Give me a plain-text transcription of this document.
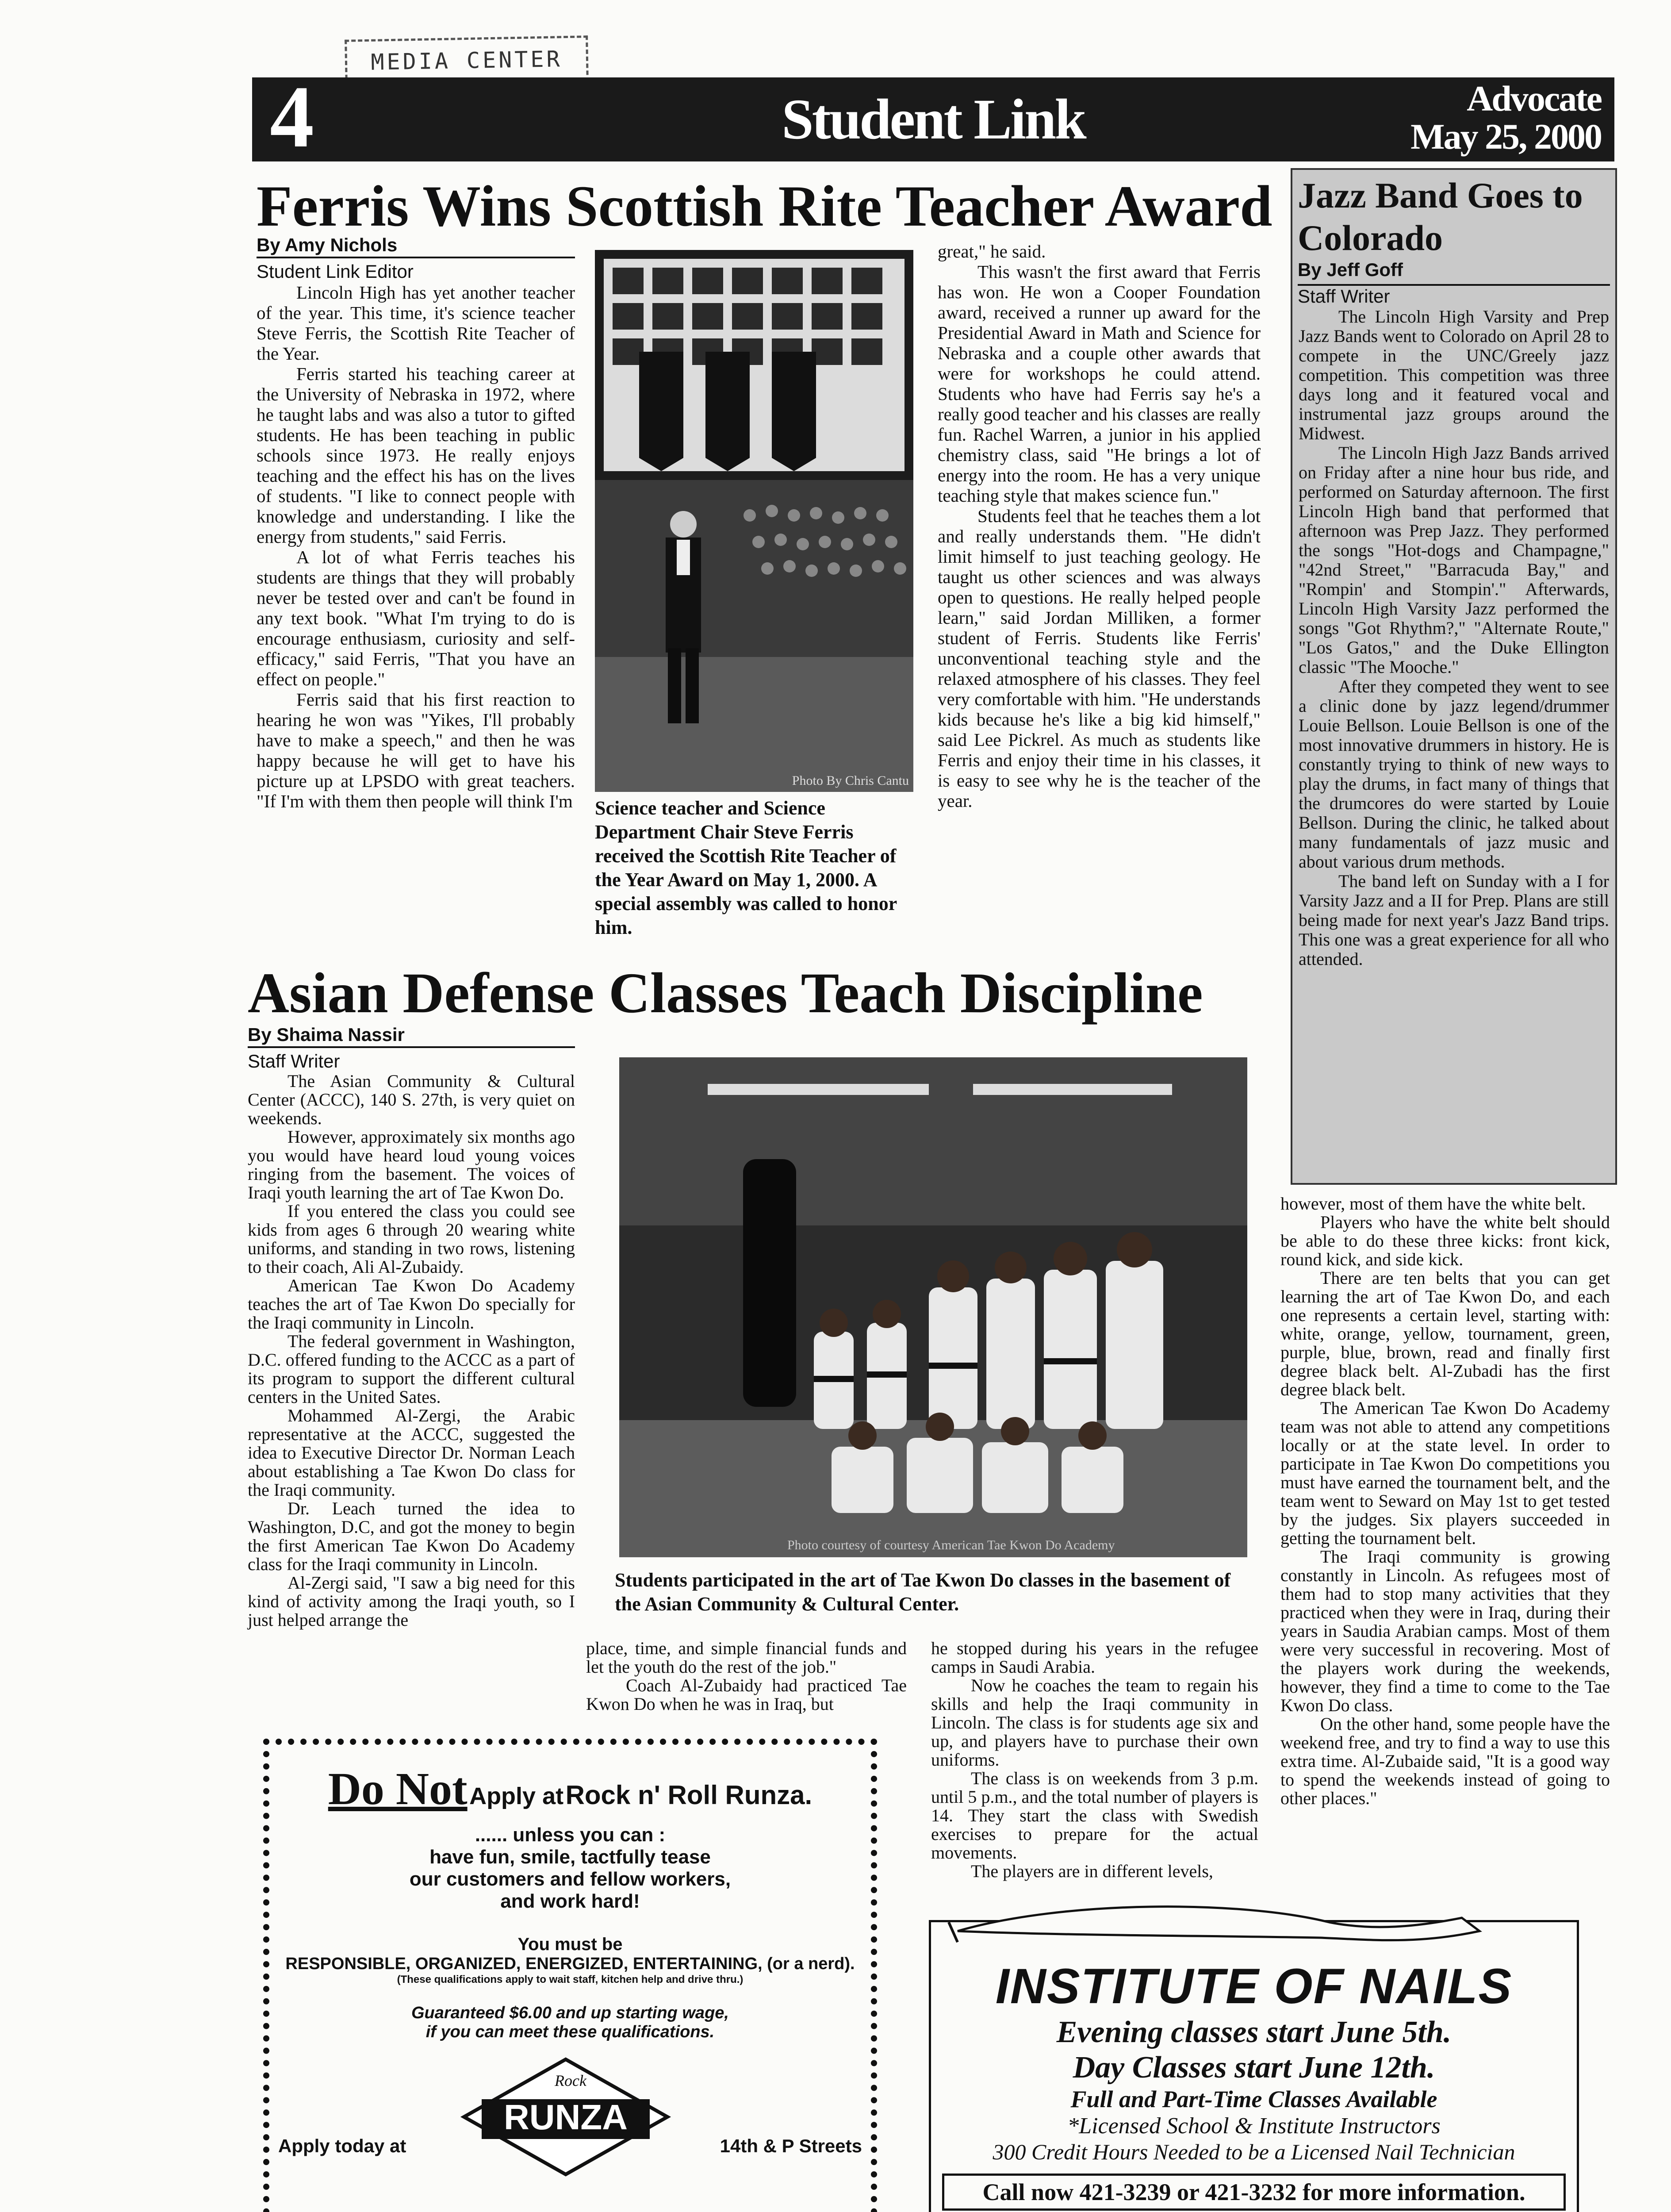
MEDIA CENTER
4	Student Link	Advocate
May 25, 2000
Ferris Wins Scottish Rite Teacher Award
By Amy Nichols
Student Link Editor

Lincoln High has yet another teacher of the year. This time, it's science teacher Steve Ferris, the Scottish Rite Teacher of the Year.

Ferris started his teaching career at the University of Nebraska in 1972, where he taught labs and was also a tutor to gifted students. He has been teaching in public schools since 1973. He really enjoys teaching and the effect his has on the lives of students. "I like to connect people with knowledge and understanding. I like the energy from students," said Ferris.

A lot of what Ferris teaches his students are things that they will probably never be tested over and can't be found in any text book. "What I'm trying to do is encourage enthusiasm, curiosity and self-efficacy," said Ferris, "That you have an effect on people."

Ferris said that his first reaction to hearing he won was "Yikes, I'll probably have to make a speech," and then he was happy because he will get to have his picture up at LPSDO with great teachers. "If I'm with them then people will think I'm

Photo By Chris Cantu
Science teacher and Science Department Chair Steve Ferris received the Scottish Rite Teacher of the Year Award on May 1, 2000. A special assembly was called to honor him.

great," he said.

This wasn't the first award that Ferris has won. He won a Cooper Foundation award, received a runner up award for the Presidential Award in Math and Science for Nebraska and a couple other awards that were for workshops he could attend. Students who have had Ferris say he's a really good teacher and his classes are really fun. Rachel Warren, a junior in his applied chemistry class, said "He brings a lot of energy into the room. He has a very unique teaching style that makes science fun."

Students feel that he teaches them a lot and really understands them. "He didn't limit himself to just teaching geology. He taught us other sciences and was always open to questions. He really helped people learn," said Jordan Milliken, a former student of Ferris. Students like Ferris' unconventional teaching style and the relaxed atmosphere of his classes. They feel very comfortable with him. "He understands kids because he's like a big kid himself," said Lee Pickrel. As much as students like Ferris and enjoy their time in his classes, it is easy to see why he is the teacher of the year.

Asian Defense Classes Teach Discipline
By Shaima Nassir
Staff Writer

The Asian Community & Cultural Center (ACCC), 140 S. 27th, is very quiet on weekends.

However, approximately six months ago you would have heard loud young voices ringing from the basement. The voices of Iraqi youth learning the art of Tae Kwon Do.

If you entered the class you could see kids from ages 6 through 20 wearing white uniforms, and standing in two rows, listening to their coach, Ali Al-Zubaidy.

American Tae Kwon Do Academy teaches the art of Tae Kwon Do specially for the Iraqi community in Lincoln.

The federal government in Washington, D.C. offered funding to the ACCC as a part of its program to support the different cultural centers in the United Sates.

Mohammed Al-Zergi, the Arabic representative at the ACCC, suggested the idea to Executive Director Dr. Norman Leach about establishing a Tae Kwon Do class for the Iraqi community.

Dr. Leach turned the idea to Washington, D.C, and got the money to begin the first American Tae Kwon Do Academy class for the Iraqi community in Lincoln.

Al-Zergi said, "I saw a big need for this kind of activity among the Iraqi youth, so I just helped arrange the

Photo courtesy of courtesy American Tae Kwon Do Academy
Students participated in the art of Tae Kwon Do classes in the basement of the Asian Community & Cultural Center.

place, time, and simple financial funds and let the youth do the rest of the job."

Coach Al-Zubaidy had practiced Tae Kwon Do when he was in Iraq, but

he stopped during his years in the refugee camps in Saudi Arabia.

Now he coaches the team to regain his skills and help the Iraqi community in Lincoln. The class is for students age six and up, and players have to purchase their own uniforms.

The class is on weekends from 3 p.m. until 5 p.m., and the total number of players is 14. They start the class with Swedish exercises to prepare for the actual movements.

The players are in different levels,

however, most of them have the white belt.

Players who have the white belt should be able to do these three kicks: front kick, round kick, and side kick.

There are ten belts that you can get learning the art of Tae Kwon Do, and each one represents a certain level, starting with: white, orange, yellow, tournament, green, purple, blue, brown, read and finally first degree black belt. Al-Zubadi has the first degree black belt.

The American Tae Kwon Do Academy team was not able to attend any competitions locally or at the state level. In order to participate in Tae Kwon Do competitions you must have earned the tournament belt, and the team went to Seward on May 1st to get tested by the judges. Six players succeeded in getting the tournament belt.

The Iraqi community is growing constantly in Lincoln. As refugees most of them had to stop many activities that they practiced when they were in Iraq, during their years in Saudia Arabian camps. Most of them were very successful in recovering. Most of the players work during the weekends, however, they find a time to come to the Tae Kwon Do class.

On the other hand, some people have the weekend free, and try to find a way to use this extra time. Al-Zubaide said, "It is a good way to spend the weekends instead of going to other places."

Jazz Band Goes to Colorado
By Jeff Goff
Staff Writer

The Lincoln High Varsity and Prep Jazz Bands went to Colorado on April 28 to compete in the UNC/Greely jazz competition. This competition was three days long and it featured vocal and instrumental jazz groups around the Midwest.

The Lincoln High Jazz Bands arrived on Friday after a nine hour bus ride, and performed on Saturday afternoon. The first Lincoln High band that performed that afternoon was Prep Jazz. They performed the songs "Hot-dogs and Champagne," "42nd Street," "Barracuda Bay," and "Rompin' and Stompin'." Afterwards, Lincoln High Varsity Jazz performed the songs "Got Rhythm?," "Alternate Route," "Los Gatos," and the Duke Ellington classic "The Mooche."

After they competed they went to see a clinic done by jazz legend/drummer Louie Bellson. Louie Bellson is one of the most innovative drummers in history. He is constantly trying to think of new ways to play the drums, in fact many of things that the drumcores do were started by Louie Bellson. During the clinic, he talked about many fundamentals of jazz music and about various drum methods.

The band left on Sunday with a I for Varsity Jazz and a II for Prep. Plans are still being made for next year's Jazz Band trips. This one was a great experience for all who attended.

Do Not Apply at Rock n' Roll Runza.
...... unless you can :
have fun, smile, tactfully tease
our customers and fellow workers,
and work hard!
You must be
RESPONSIBLE, ORGANIZED, ENERGIZED, ENTERTAINING, (or a nerd).
(These qualifications apply to wait staff, kitchen help and drive thru.)
Guaranteed $6.00 and up starting wage,
if you can meet these qualifications.
RUNZA
Rock
Apply today at	14th & P Streets
INSTITUTE OF NAILS
Evening classes start June 5th.
Day Classes start June 12th.
Full and Part-Time Classes Available
*Licensed School & Institute Instructors
300 Credit Hours Needed to be a Licensed Nail Technician
Call now 421-3239 or 421-3232 for more information.
